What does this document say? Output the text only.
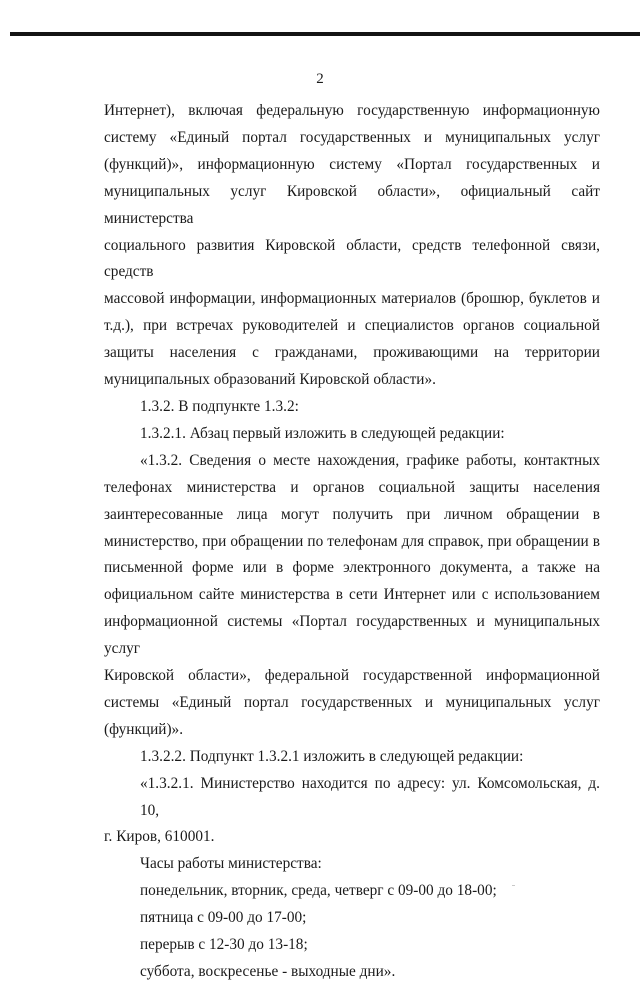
2

Интернет), включая федеральную государственную информационную

систему «Единый портал государственных и муниципальных услуг

(функций)», информационную систему «Портал государственных и

муниципальных услуг Кировской области», официальный сайт министерства

социального развития Кировской области, средств телефонной связи, средств

массовой информации, информационных материалов (брошюр, буклетов и

т.д.), при встречах руководителей и специалистов органов социальной

защиты населения с гражданами, проживающими на территории

муниципальных образований Кировской области».

1.3.2. В подпункте 1.3.2:

1.3.2.1. Абзац первый изложить в следующей редакции:

«1.3.2. Сведения о месте нахождения, графике работы, контактных

телефонах министерства и органов социальной защиты населения

заинтересованные лица могут получить при личном обращении в

министерство, при обращении по телефонам для справок, при обращении в

письменной форме или в форме электронного документа, а также на

официальном сайте министерства в сети Интернет или с использованием

информационной системы «Портал государственных и муниципальных услуг

Кировской области», федеральной государственной информационной

системы «Единый портал государственных и муниципальных услуг

(функций)».

1.3.2.2. Подпункт 1.3.2.1 изложить в следующей редакции:

«1.3.2.1. Министерство находится по адресу: ул. Комсомольская, д. 10,

г. Киров, 610001.

Часы работы министерства:

понедельник, вторник, среда, четверг с 09-00 до 18-00;

пятница с 09-00 до 17-00;

перерыв с 12-30 до 13-18;

суббота, воскресенье - выходные дни».
